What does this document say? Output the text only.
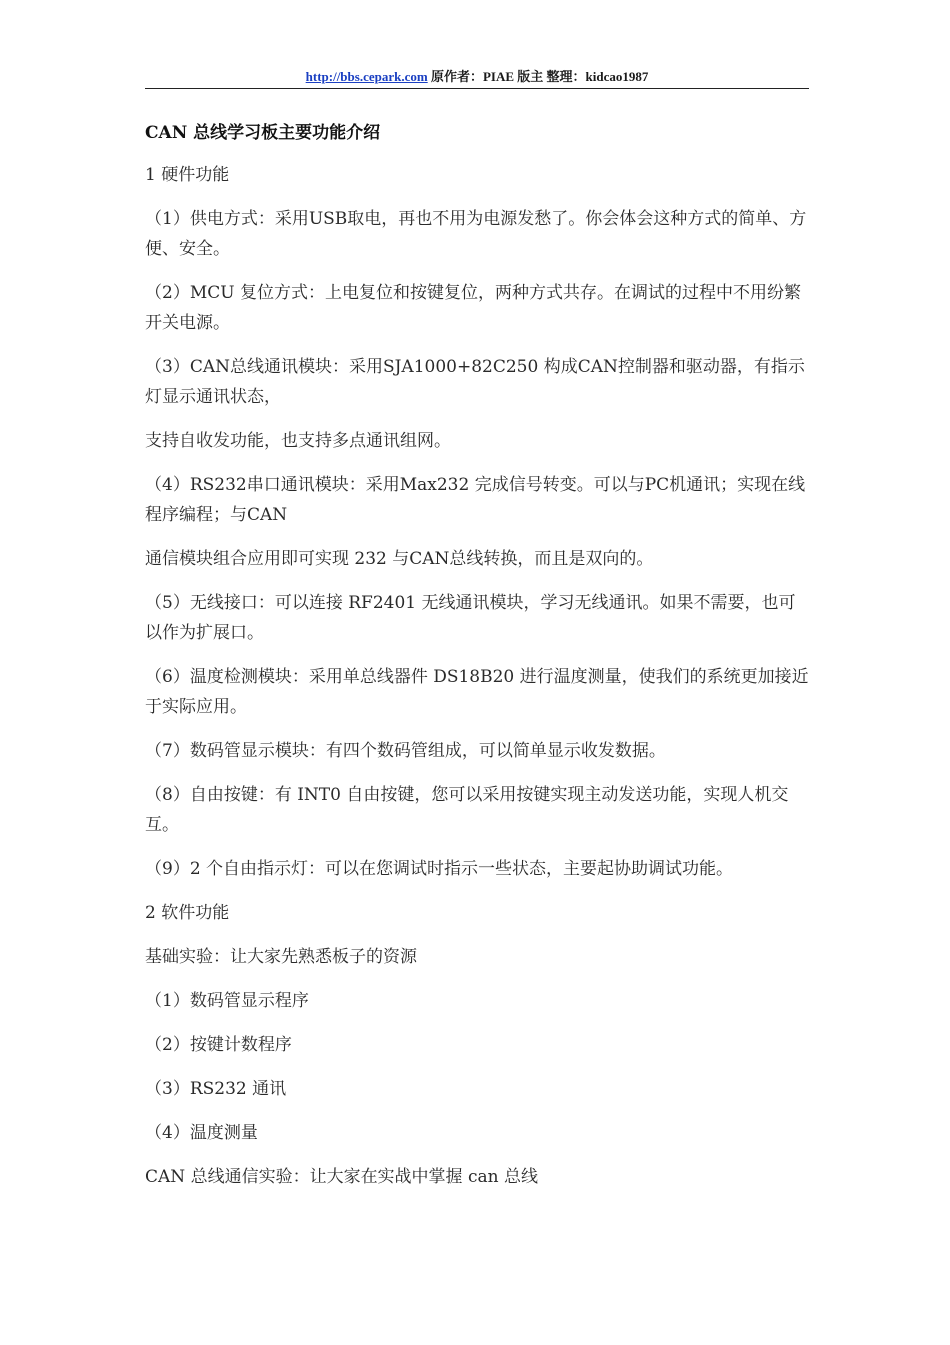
http://bbs.cepark.com 原作者：PIAE 版主 整理：kidcao1987
CAN 总线学习板主要功能介绍
1 硬件功能
（1）供电方式：采用USB取电，再也不用为电源发愁了。你会体会这种方式的简单、方便、安全。
（2）MCU 复位方式：上电复位和按键复位，两种方式共存。在调试的过程中不用纷繁开关电源。
（3）CAN总线通讯模块：采用SJA1000+82C250 构成CAN控制器和驱动器，有指示灯显示通讯状态，
支持自收发功能，也支持多点通讯组网。
（4）RS232串口通讯模块：采用Max232 完成信号转变。可以与PC机通讯；实现在线程序编程；与CAN
通信模块组合应用即可实现 232 与CAN总线转换，而且是双向的。
（5）无线接口：可以连接 RF2401 无线通讯模块，学习无线通讯。如果不需要，也可以作为扩展口。
（6）温度检测模块：采用单总线器件 DS18B20 进行温度测量，使我们的系统更加接近于实际应用。
（7）数码管显示模块：有四个数码管组成，可以简单显示收发数据。
（8）自由按键：有 INT0 自由按键，您可以采用按键实现主动发送功能，实现人机交互。
（9）2 个自由指示灯：可以在您调试时指示一些状态，主要起协助调试功能。
2 软件功能
基础实验：让大家先熟悉板子的资源
（1）数码管显示程序
（2）按键计数程序
（3）RS232 通讯
（4）温度测量
CAN 总线通信实验：让大家在实战中掌握 can 总线
